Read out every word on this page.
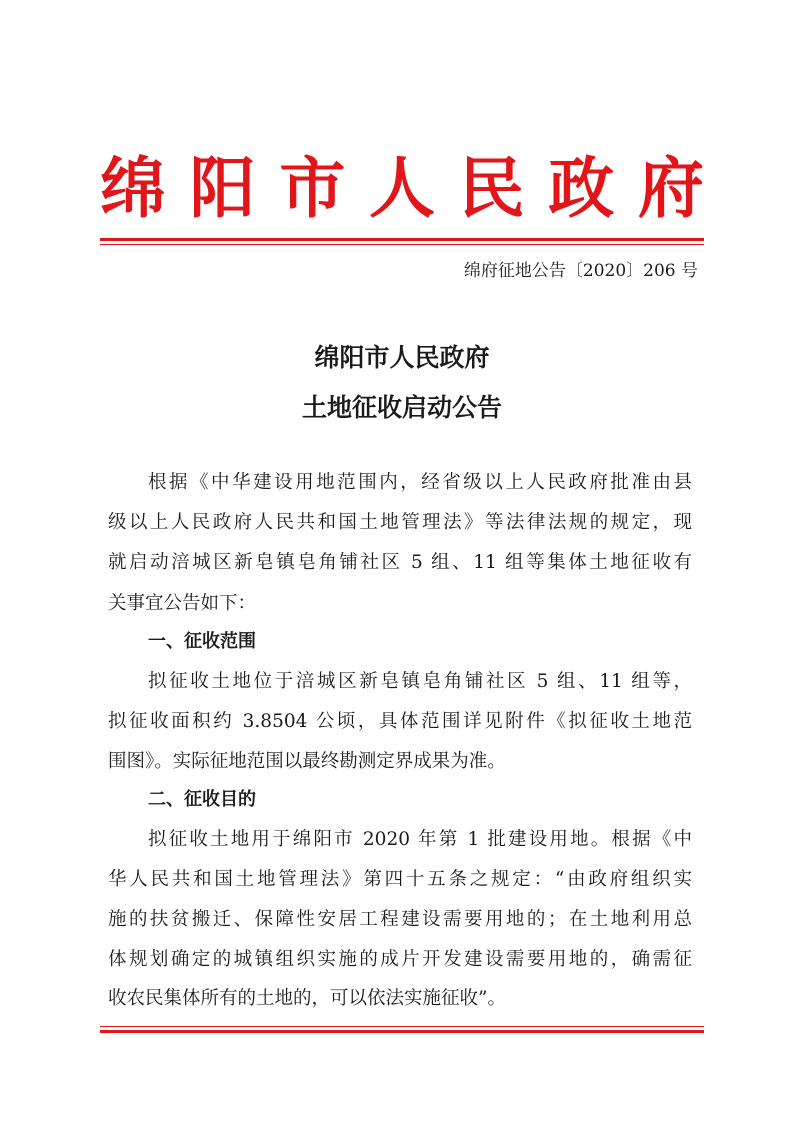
绵 阳 市 人 民 政 府
绵府征地公告〔2020〕206 号
绵阳市人民政府
土地征收启动公告
根据《中华建设用地范围内，经省级以上人民政府批准由县
级以上人民政府人民共和国土地管理法》等法律法规的规定，现
就启动涪城区新皂镇皂角铺社区 5 组、11 组等集体土地征收有
关事宜公告如下：
一、征收范围
拟征收土地位于涪城区新皂镇皂角铺社区 5 组、11 组等，
拟征收面积约 3.8504 公顷，具体范围详见附件《拟征收土地范
围图》。实际征地范围以最终勘测定界成果为准。
二、征收目的
拟征收土地用于绵阳市 2020 年第 1 批建设用地。根据《中
华人民共和国土地管理法》第四十五条之规定：“由政府组织实
施的扶贫搬迁、保障性安居工程建设需要用地的；在土地利用总
体规划确定的城镇组织实施的成片开发建设需要用地的，确需征
收农民集体所有的土地的，可以依法实施征收”。
